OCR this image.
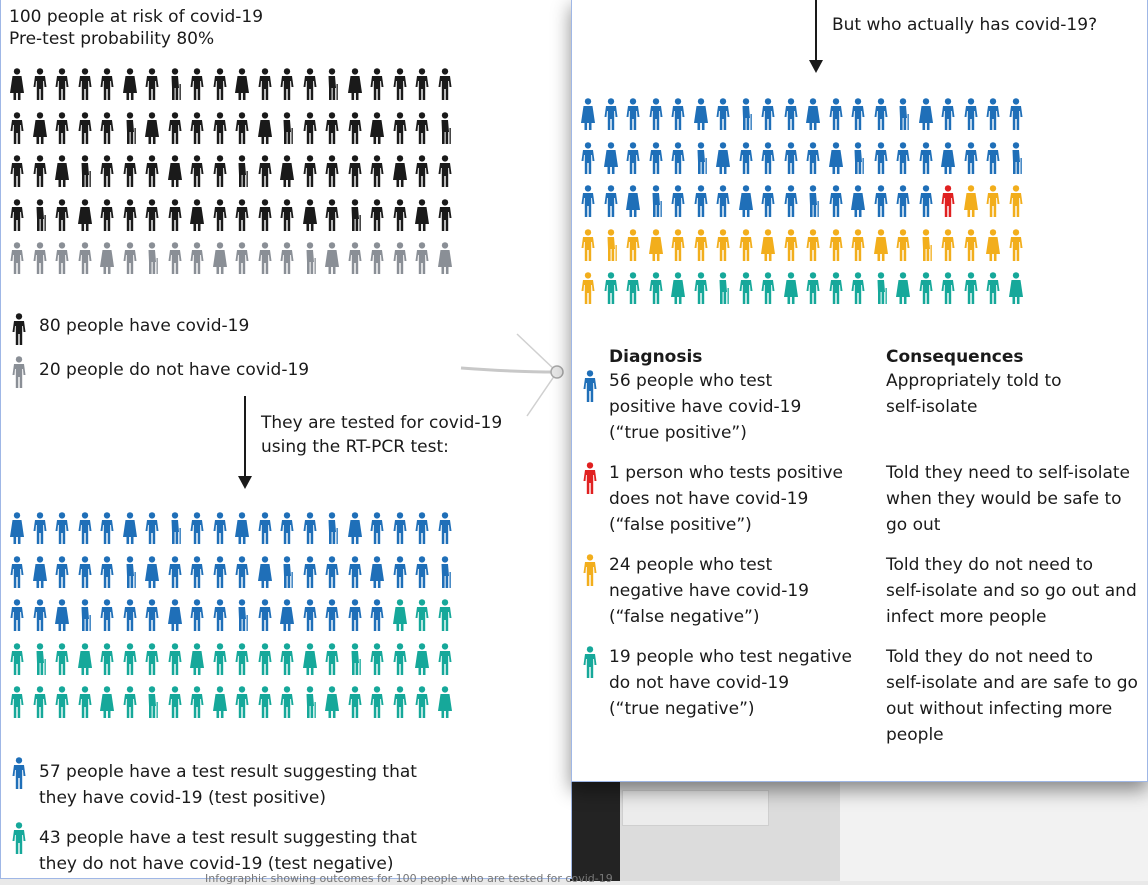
100 people at risk of covid-19
Pre-test probability 80%
80 people have covid-19
20 people do not have covid-19
They are tested for covid-19
using the RT-PCR test:
57 people have a test result suggesting that
they have covid-19 (test positive)
43 people have a test result suggesting that
they do not have covid-19 (test negative)
Infographic showing outcomes for 100 people who are tested for covid-19
But who actually has covid-19?
Diagnosis	Consequences
56 people who test
positive have covid-19
(“true positive”)
Appropriately told to
self-isolate
1 person who tests positive
does not have covid-19
(“false positive”)
Told they need to self-isolate
when they would be safe to
go out
24 people who test
negative have covid-19
(“false negative”)
Told they do not need to
self-isolate and so go out and
infect more people
19 people who test negative
do not have covid-19
(“true negative”)
Told they do not need to
self-isolate and are safe to go
out without infecting more
people
